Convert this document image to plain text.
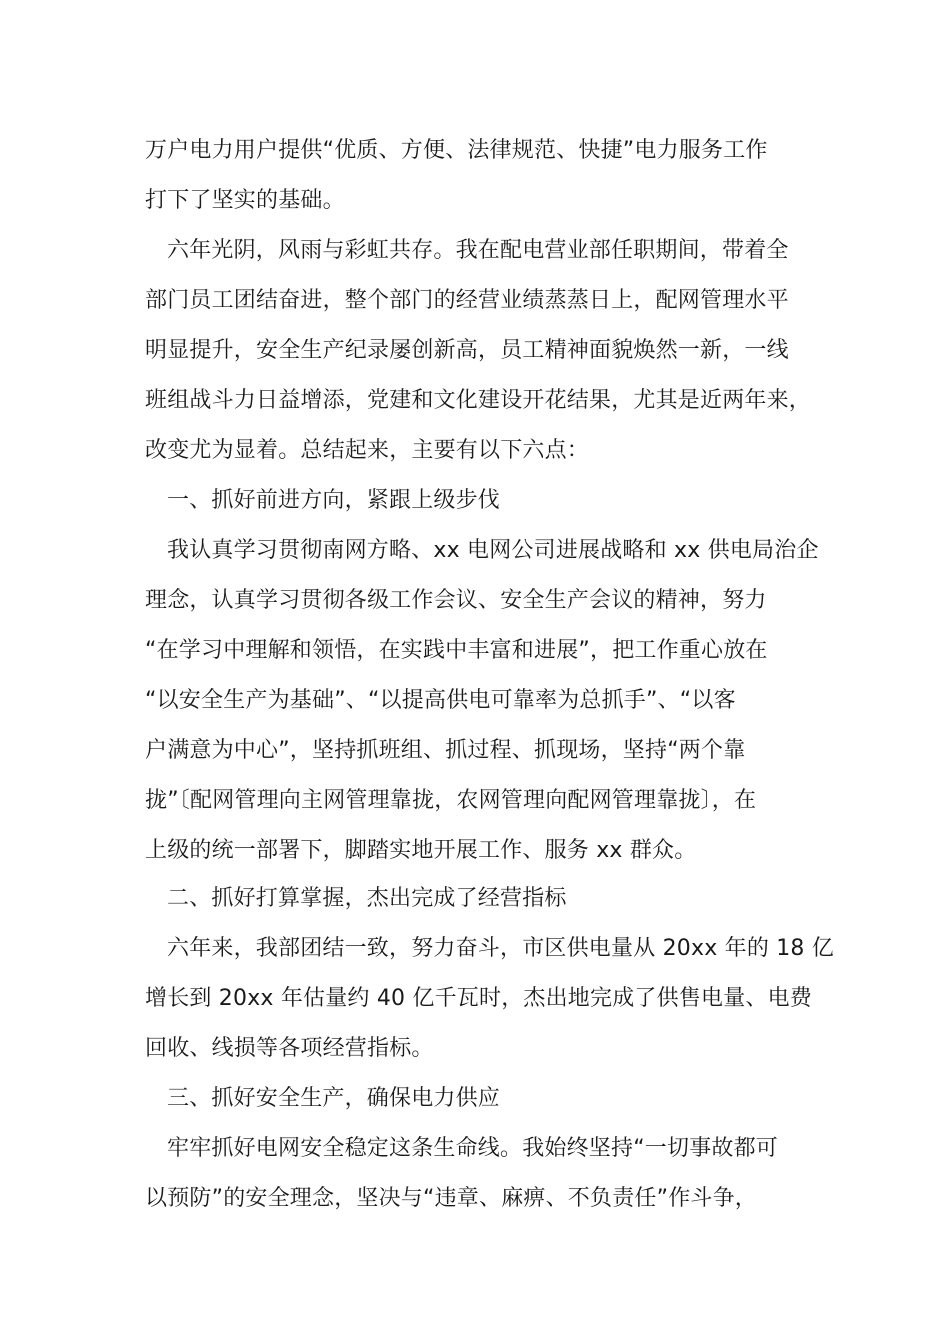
万户电力用户提供“优质、方便、法律规范、快捷”电力服务工作
打下了坚实的基础。
六年光阴，风雨与彩虹共存。我在配电营业部任职期间，带着全
部门员工团结奋进，整个部门的经营业绩蒸蒸日上，配网管理水平
明显提升，安全生产纪录屡创新高，员工精神面貌焕然一新，一线
班组战斗力日益增添，党建和文化建设开花结果，尤其是近两年来，
改变尤为显着。总结起来，主要有以下六点：
一、抓好前进方向，紧跟上级步伐
我认真学习贯彻南网方略、xx 电网公司进展战略和 xx 供电局治企
理念，认真学习贯彻各级工作会议、安全生产会议的精神，努力
“在学习中理解和领悟，在实践中丰富和进展”，把工作重心放在
“以安全生产为基础”、“以提高供电可靠率为总抓手”、“以客
户满意为中心”，坚持抓班组、抓过程、抓现场，坚持“两个靠
拢”〔配网管理向主网管理靠拢，农网管理向配网管理靠拢〕，在
上级的统一部署下，脚踏实地开展工作、服务 xx 群众。
二、抓好打算掌握，杰出完成了经营指标
六年来，我部团结一致，努力奋斗，市区供电量从 20xx 年的 18 亿
增长到 20xx 年估量约 40 亿千瓦时，杰出地完成了供售电量、电费
回收、线损等各项经营指标。
三、抓好安全生产，确保电力供应
牢牢抓好电网安全稳定这条生命线。我始终坚持“一切事故都可
以预防”的安全理念，坚决与“违章、麻痹、不负责任”作斗争，
